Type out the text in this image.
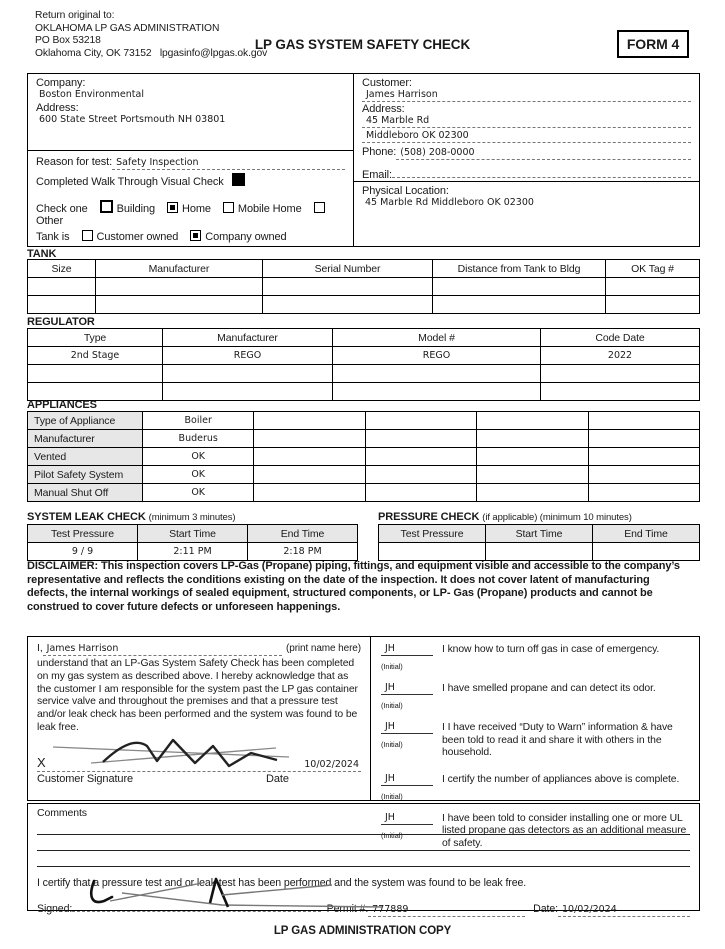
Return original to:
OKLAHOMA LP GAS ADMINISTRATION
PO Box 53218
Oklahoma City, OK 73152 lpgasinfo@lpgas.ok.gov
LP GAS SYSTEM SAFETY CHECK	FORM 4
Company:
Boston Environmental
Address:
600 State Street Portsmouth NH 03801
Reason for test: Safety Inspection
Completed Walk Through Visual Check
Check one	Building Home Mobile Home Other
Tank is Customer owned Company owned
Customer:
James Harrison
Address:
45 Marble Rd
Middleboro OK 02300
Phone: (508) 208-0000
Email:
Physical Location:
45 Marble Rd Middleboro OK 02300
TANK
Size	Manufacturer	Serial Number	Distance from Tank to Bldg	OK Tag #

REGULATOR
Type	Manufacturer	Model #	Code Date
2nd Stage	REGO	REGO	2022

APPLIANCES
Type of Appliance	Boiler				
Manufacturer	Buderus				
Vented	OK				
Pilot Safety System	OK				
Manual Shut Off	OK				
SYSTEM LEAK CHECK (minimum 3 minutes)	PRESSURE CHECK (if applicable) (minimum 10 minutes)
Test Pressure	Start Time	End Time
9 / 9	2:11 PM	2:18 PM
Test Pressure	Start Time	End Time

DISCLAIMER: This inspection covers LP-Gas (Propane) piping, fittings, and equipment visible and accessible to the company’s representative and reflects the conditions existing on the date of the inspection. It does not cover latent of manufacturing defects, the internal workings of sealed equipment, structured components, or LP- Gas (Propane) products and cannot be construed to cover future defects or unforeseen happenings.
I, James Harrison	(print name here)
understand that an LP-Gas System Safety Check has been completed on my gas system as described above. I hereby acknowledge that as the customer I am responsible for the system past the LP gas container service valve and throughout the premises and that a pressure test and/or leak check has been performed and the system was found to be leak free.
X	10/02/2024
Customer Signature	Date
JH
(Initial)
I know how to turn off gas in case of emergency.
JH
(Initial)
I have smelled propane and can detect its odor.
JH
(Initial)
I I have received “Duty to Warn” information & have been told to read it and share it with others in the household.
JH
(Initial)
I certify the number of appliances above is complete.
JH
(Initial)
I have been told to consider installing one or more UL listed propane gas detectors as an additional measure of safety.
Comments
I certify that a pressure test and or leak test has been performed and the system was found to be leak free.
Signed:	Permit #: 777889	Date: 10/02/2024
LP GAS ADMINISTRATION COPY
